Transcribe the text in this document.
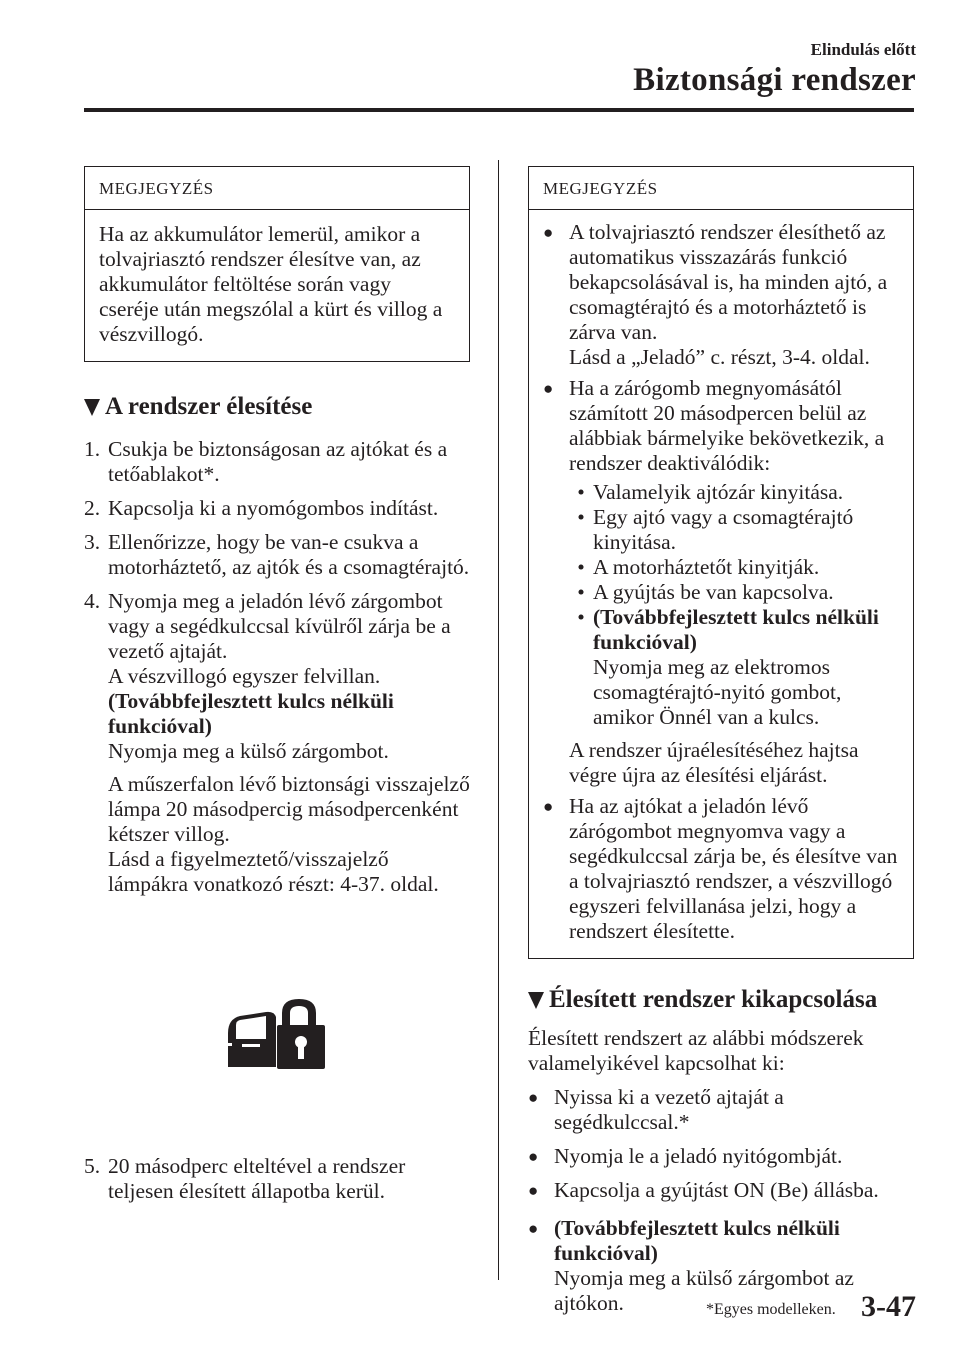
Elindulás előtt
Biztonsági rendszer
MEGJEGYZÉS

Ha az akkumulátor lemerül, amikor a tolvajriasztó rendszer élesítve van, az akkumulátor feltöltése során vagy cseréje után megszólal a kürt és villog a vészvillogó.

A rendszer élesítése
1. Csukja be biztonságosan az ajtókat és a tetőablakot*.
2. Kapcsolja ki a nyomógombos indítást.
3. Ellenőrizze, hogy be van-e csukva a motorháztető, az ajtók és a csomagtérajtó.
4. Nyomja meg a jeladón lévő zárgombot vagy a segédkulccsal kívülről zárja be a vezető ajtaját.
A vészvillogó egyszer felvillan.
(Továbbfejlesztett kulcs nélküli funkcióval)
Nyomja meg a külső zárgombot.
A műszerfalon lévő biztonsági visszajelző lámpa 20 másodpercig másodpercenként kétszer villog.
Lásd a figyelmeztető/visszajelző lámpákra vonatkozó részt: 4-37. oldal.
5. 20 másodperc elteltével a rendszer teljesen élesített állapotba kerül.
MEGJEGYZÉS
● A tolvajriasztó rendszer élesíthető az automatikus visszazárás funkció bekapcsolásával is, ha minden ajtó, a csomagtérajtó és a motorháztető is zárva van.
Lásd a „Jeladó” c. részt, 3-4. oldal.
● Ha a zárógomb megnyomásától számított 20 másodpercen belül az alábbiak bármelyike bekövetkezik, a rendszer deaktiválódik:
• Valamelyik ajtózár kinyitása.
• Egy ajtó vagy a csomagtérajtó kinyitása.
• A motorháztetőt kinyitják.
• A gyújtás be van kapcsolva.
• (Továbbfejlesztett kulcs nélküli funkcióval)
Nyomja meg az elektromos csomagtérajtó-nyitó gombot, amikor Önnél van a kulcs.
A rendszer újraélesítéséhez hajtsa végre újra az élesítési eljárást.
● Ha az ajtókat a jeladón lévő zárógombot megnyomva vagy a segédkulccsal zárja be, és élesítve van a tolvajriasztó rendszer, a vészvillogó egyszeri felvillanása jelzi, hogy a rendszert élesítette.
Élesített rendszer kikapcsolása
Élesített rendszert az alábbi módszerek valamelyikével kapcsolhat ki:
● Nyissa ki a vezető ajtaját a segédkulccsal.*
● Nyomja le a jeladó nyitógombját.
● Kapcsolja a gyújtást ON (Be) állásba.
● (Továbbfejlesztett kulcs nélküli funkcióval)
Nyomja meg a külső zárgombot az ajtókon.	*Egyes modelleken. 3-47
